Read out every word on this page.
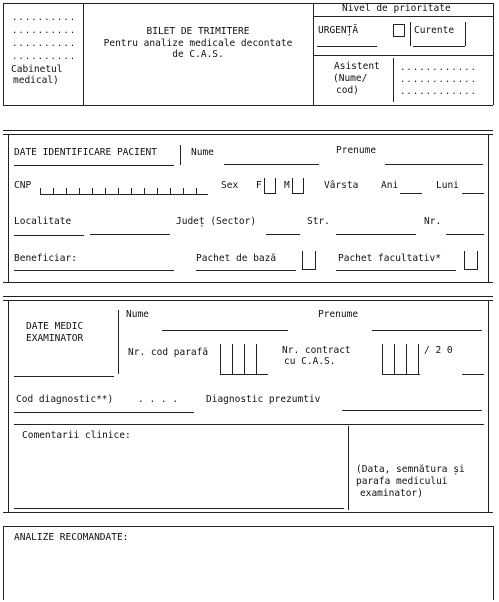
..........
..........
..........
..........
Cabinetul
medical)
BILET DE TRIMITERE
Pentru analize medicale decontate
de C.A.S.
Nivel de prioritate
URGENȚĂ	Curente
Asistent
(Nume/
cod)
............
............
............
DATE IDENTIFICARE PACIENT	Nume	Prenume
CNP	Sex F M	Vârsta Ani	Luni
Localitate	Județ (Sector)	Str.	Nr.
Beneficiar:	Pachet de bază	Pachet facultativ*
DATE MEDIC
EXAMINATOR
Nume	Prenume
Nr. cod parafă	Nr. contract
cu C.A.S.
/ 2 0
Cod diagnostic**)	. . . .	Diagnostic prezumtiv
Comentarii clinice:
(Data, semnătura și
parafa medicului
examinator)
ANALIZE RECOMANDATE:
